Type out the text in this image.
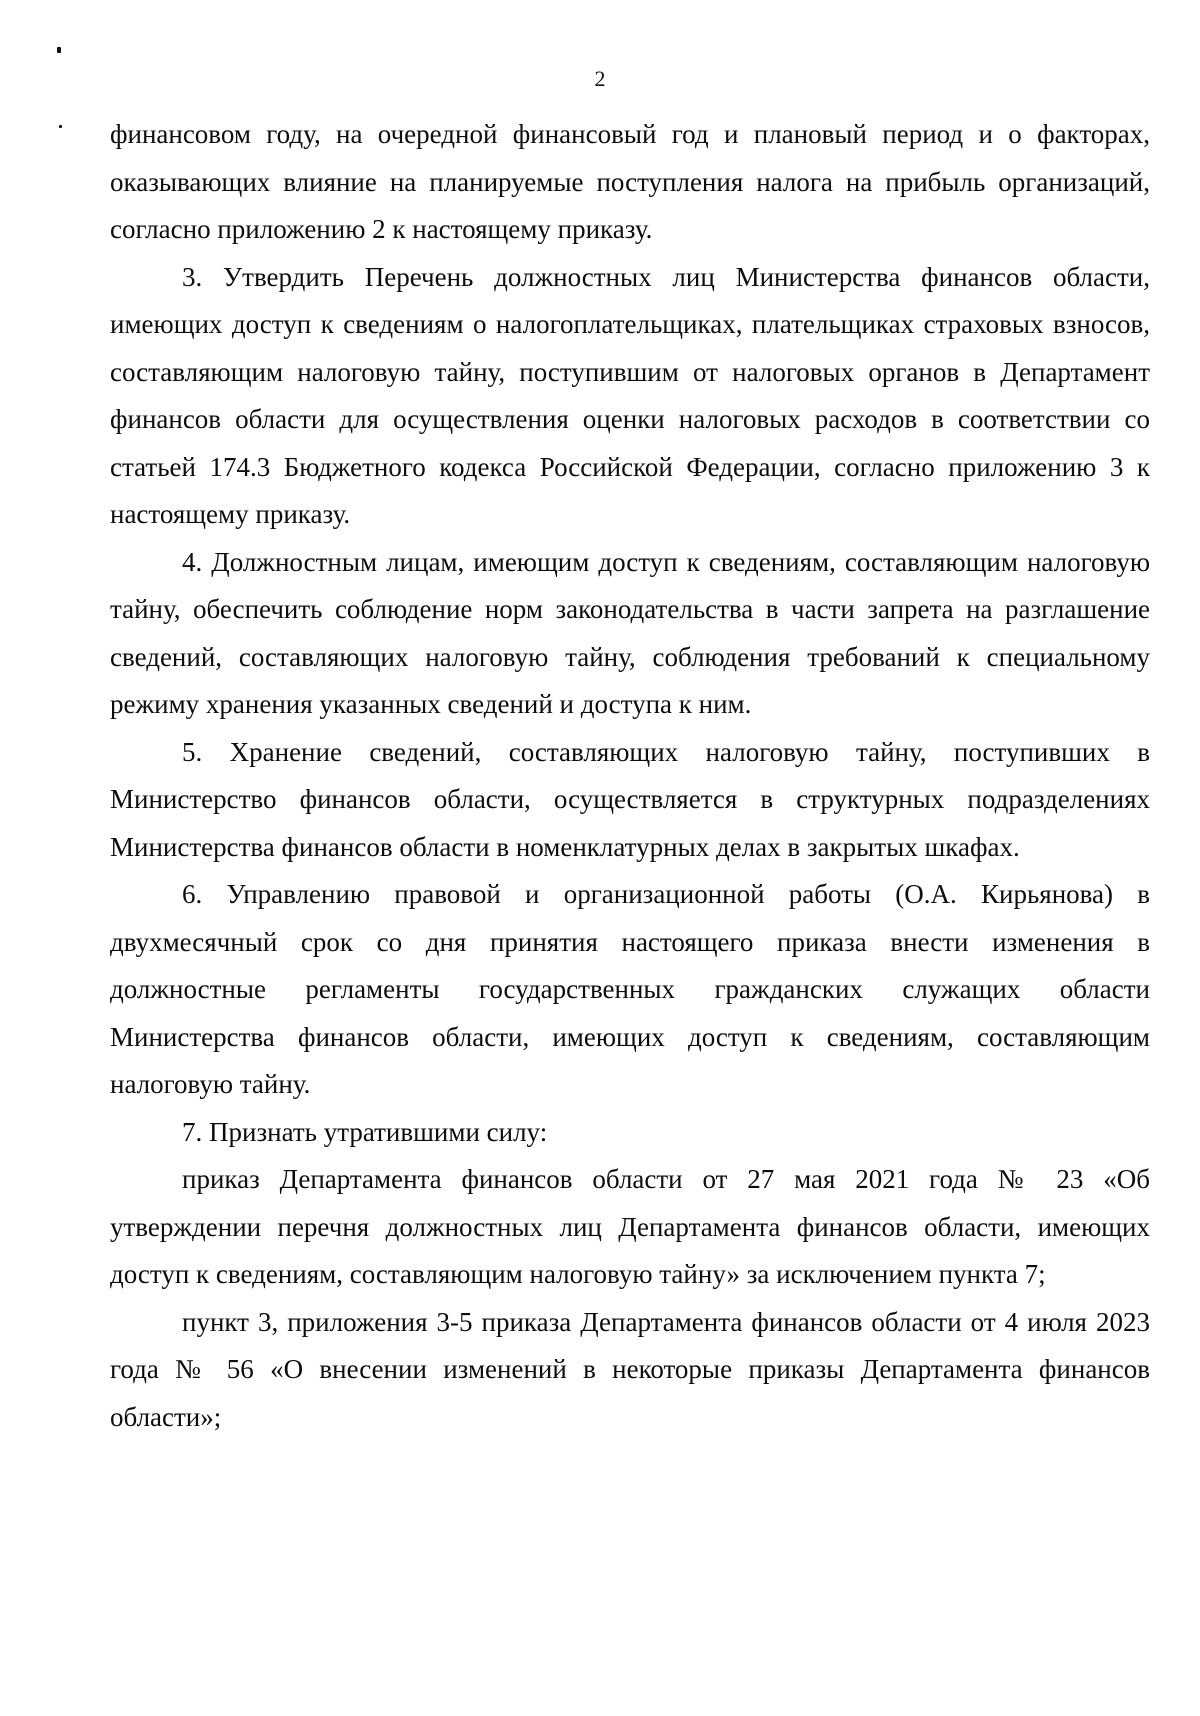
2

финансовом году, на очередной финансовый год и плановый период и о факторах, оказывающих влияние на планируемые поступления налога на прибыль организаций, согласно приложению 2 к настоящему приказу.

3. Утвердить Перечень должностных лиц Министерства финансов области, имеющих доступ к сведениям о налогоплательщиках, плательщиках страховых взносов, составляющим налоговую тайну, поступившим от налоговых органов в Департамент финансов области для осуществления оценки налоговых расходов в соответствии со статьей 174.3 Бюджетного кодекса Российской Федерации, согласно приложению 3 к настоящему приказу.

4. Должностным лицам, имеющим доступ к сведениям, составляющим налоговую тайну, обеспечить соблюдение норм законодательства в части запрета на разглашение сведений, составляющих налоговую тайну, соблюдения требований к специальному режиму хранения указанных сведений и доступа к ним.

5. Хранение сведений, составляющих налоговую тайну, поступивших в Министерство финансов области, осуществляется в структурных подразделениях Министерства финансов области в номенклатурных делах в закрытых шкафах.

6. Управлению правовой и организационной работы (О.А. Кирьянова) в двухмесячный срок со дня принятия настоящего приказа внести изменения в должностные регламенты государственных гражданских служащих области Министерства финансов области, имеющих доступ к сведениям, составляющим налоговую тайну.

7. Признать утратившими силу:

приказ Департамента финансов области от 27 мая 2021 года № 23 «Об утверждении перечня должностных лиц Департамента финансов области, имеющих доступ к сведениям, составляющим налоговую тайну» за исключением пункта 7;

пункт 3, приложения 3-5 приказа Департамента финансов области от 4 июля 2023 года № 56 «О внесении изменений в некоторые приказы Департамента финансов области»;
